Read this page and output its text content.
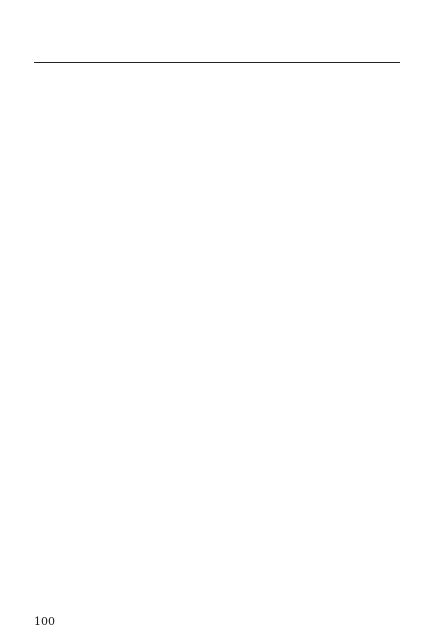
100
